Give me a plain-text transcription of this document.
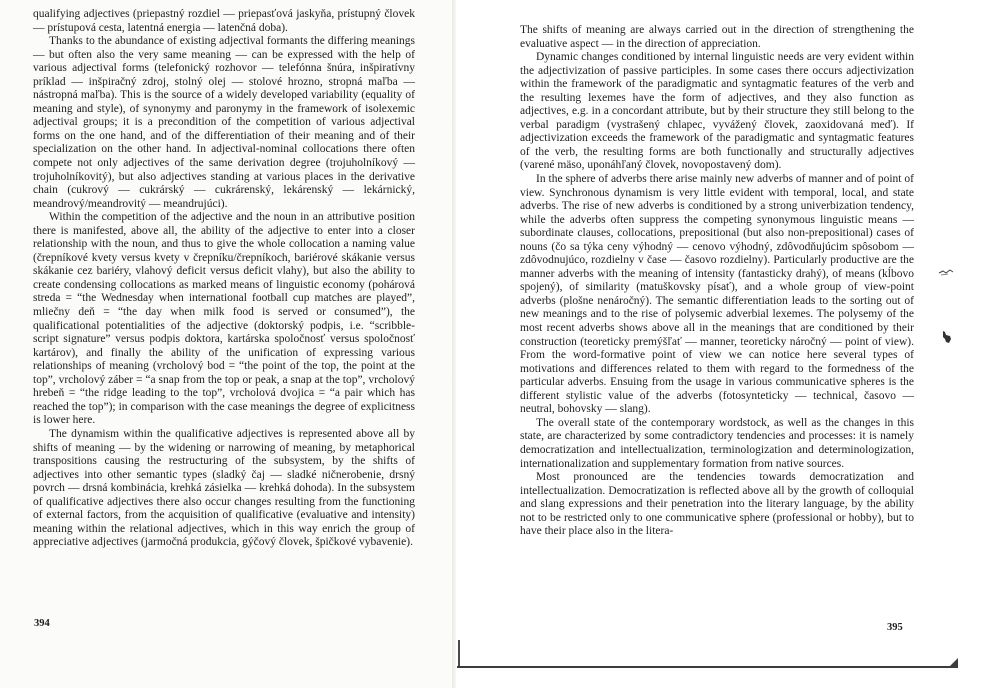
qualifying adjectives (priepastný rozdiel — priepasťová jaskyňa, prístupný človek — prístupová cesta, latentná energia — latenčná doba).

Thanks to the abundance of existing adjectival formants the differing meanings — but often also the very same meaning — can be expressed with the help of various adjectival forms (telefonický rozhovor — telefónna šnúra, inšpiratívny príklad — inšpiračný zdroj, stolný olej — stolové hrozno, stropná maľba — nástropná maľba). This is the source of a widely developed variability (equality of meaning and style), of synonymy and paronymy in the framework of isolexemic adjectival groups; it is a precondition of the competition of various adjectival forms on the one hand, and of the differentiation of their meaning and of their specialization on the other hand. In adjectival-nominal collocations there often compete not only adjectives of the same derivation degree (trojuholníkový — trojuholníkovitý), but also adjectives standing at various places in the derivative chain (cukrový — cukrárský — cukrárenský, lekárenský — lekárnický, meandrový/meandrovitý — meandrujúci).

Within the competition of the adjective and the noun in an attributive position there is manifested, above all, the ability of the adjective to enter into a closer relationship with the noun, and thus to give the whole collocation a naming value (črepníkové kvety versus kvety v črepníku/črepníkoch, bariérové skákanie versus skákanie cez bariéry, vlahový deficit versus deficit vlahy), but also the ability to create condensing collocations as marked means of linguistic economy (pohárová streda = “the Wednesday when international football cup matches are played”, mliečny deň = “the day when milk food is served or consumed”), the qualificational potentialities of the adjective (doktorský podpis, i.e. “scribble-script signature” versus podpis doktora, kartárska spoločnosť versus spoločnosť kartárov), and finally the ability of the unification of expressing various relationships of meaning (vrcholový bod = “the point of the top, the point at the top”, vrcholový záber = “a snap from the top or peak, a snap at the top”, vrcholový hrebeň = “the ridge leading to the top”, vrcholová dvojica = “a pair which has reached the top”); in comparison with the case meanings the degree of explicitness is lower here.

The dynamism within the qualificative adjectives is represented above all by shifts of meaning — by the widening or narrowing of meaning, by metaphorical transpositions causing the restructuring of the subsystem, by the shifts of adjectives into other semantic types (sladký čaj — sladké ničnerobenie, drsný povrch — drsná kombinácia, krehká zásielka — krehká dohoda). In the subsystem of qualificative adjectives there also occur changes resulting from the functioning of external factors, from the acquisition of qualificative (evaluative and intensity) meaning within the relational adjectives, which in this way enrich the group of appreciative adjectives (jarmočná produkcia, gýčový človek, špičkové vybavenie).

394

The shifts of meaning are always carried out in the direction of strengthening the evaluative aspect — in the direction of appreciation.

Dynamic changes conditioned by internal linguistic needs are very evident within the adjectivization of passive participles. In some cases there occurs adjectivization within the framework of the paradigmatic and syntagmatic features of the verb and the resulting lexemes have the form of adjectives, and they also function as adjectives, e.g. in a concordant attribute, but by their structure they still belong to the verbal paradigm (vystrašený chlapec, vyvážený človek, zaoxidovaná meď). If adjectivization exceeds the framework of the paradigmatic and syntagmatic features of the verb, the resulting forms are both functionally and structurally adjectives (varené mäso, uponáhľaný človek, novopostavený dom).

In the sphere of adverbs there arise mainly new adverbs of manner and of point of view. Synchronous dynamism is very little evident with temporal, local, and state adverbs. The rise of new adverbs is conditioned by a strong univerbization tendency, while the adverbs often suppress the competing synonymous linguistic means — subordinate clauses, collocations, prepositional (but also non-prepositional) cases of nouns (čo sa týka ceny výhodný — cenovo výhodný, zdôvodňujúcim spôsobom — zdôvodnujúco, rozdielny v čase — časovo rozdielny). Particularly productive are the manner adverbs with the meaning of intensity (fantasticky drahý), of means (kĺbovo spojený), of similarity (matuškovsky písať), and a whole group of view-point adverbs (plošne nenáročný). The semantic differentiation leads to the sorting out of new meanings and to the rise of polysemic adverbial lexemes. The polysemy of the most recent adverbs shows above all in the meanings that are conditioned by their construction (teoreticky premýšľať — manner, teoreticky náročný — point of view). From the word-formative point of view we can notice here several types of motivations and differences related to them with regard to the formedness of the particular adverbs. Ensuing from the usage in various communicative spheres is the different stylistic value of the adverbs (fotosynteticky — technical, časovo — neutral, bohovsky — slang).

The overall state of the contemporary wordstock, as well as the changes in this state, are characterized by some contradictory tendencies and processes: it is namely democratization and intellectualization, terminologization and determinologization, internationalization and supplementary formation from native sources.

Most pronounced are the tendencies towards democratization and intellectualization. Democratization is reflected above all by the growth of colloquial and slang expressions and their penetration into the literary language, by the ability not to be restricted only to one communicative sphere (professional or hobby), but to have their place also in the litera-

395
